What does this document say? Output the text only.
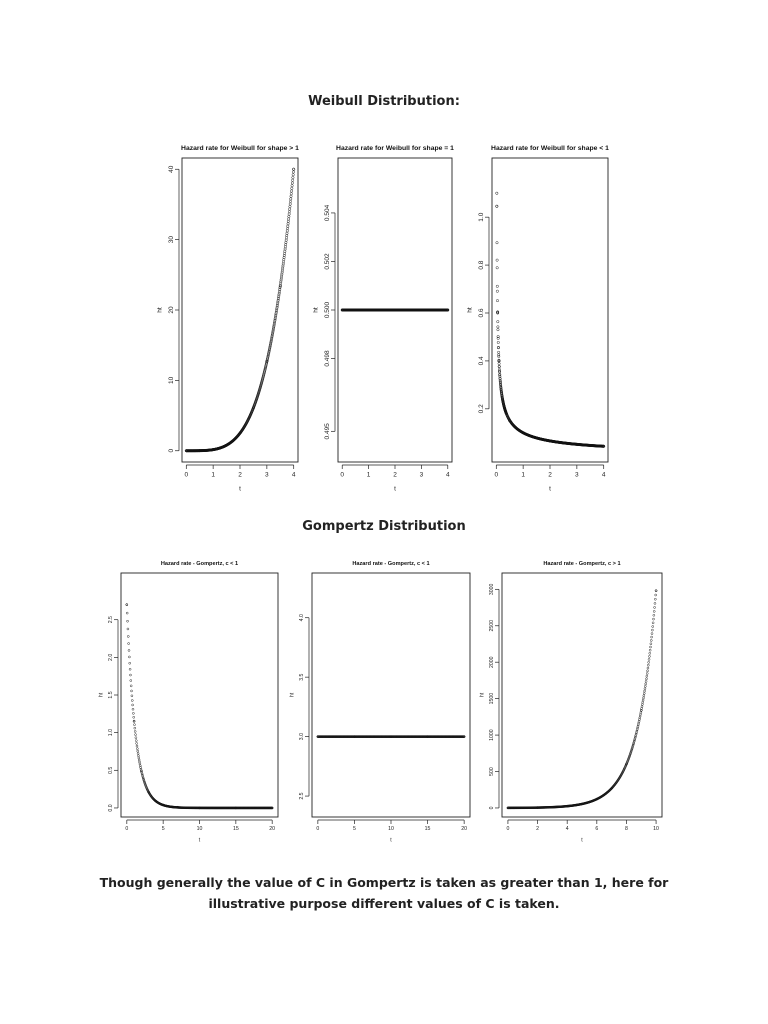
Weibull Distribution:
Hazard rate for Weibull for shape > 1
0	1	2	3	4
t
0
10
20
30
40
ht
Hazard rate for Weibull for shape = 1
0	1	2	3	4
t
0.495
0.498
0.500
0.502
0.504
ht
Hazard rate for Weibull for shape < 1
0	1	2	3	4
t
0.2
0.4
0.6
0.8
1.0
ht
Gompertz Distribution
Hazard rate - Gompertz, c < 1
0	5	10	15	20
t
0.0
0.5
1.0
1.5
2.0
2.5
ht
Hazard rate - Gompertz, c < 1
0	5	10	15	20
t
2.5
3.0
3.5
4.0
ht
Hazard rate - Gompertz, c > 1
0	2	4	6	8	10
t
0
500
1000
1500
2000
2500
3000
ht
Though generally the value of C in Gompertz is taken as greater than 1, here for illustrative purpose different values of C is taken.
